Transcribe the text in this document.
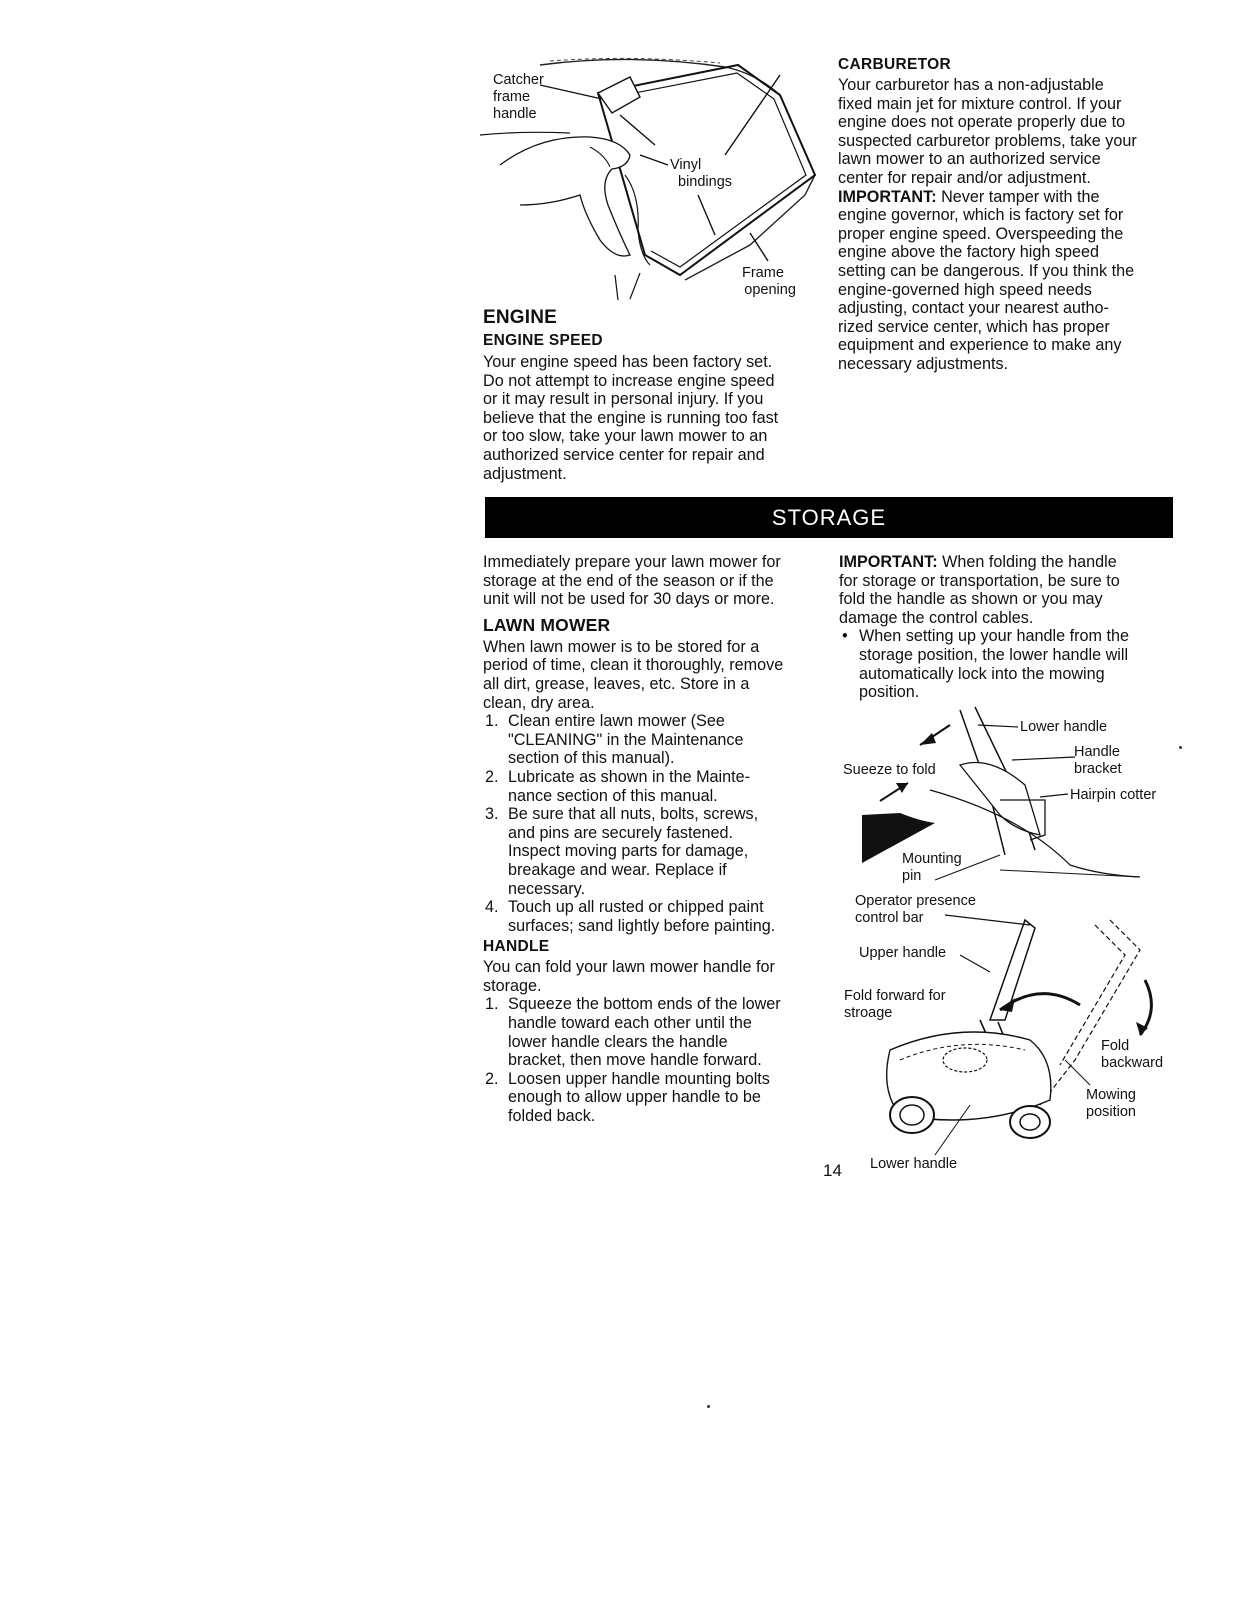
Catcher
frame
handle
Vinyl
bindings
Frame
opening
ENGINE
ENGINE SPEED
Your engine speed has been factory set.
Do not attempt to increase engine speed
or it may result in personal injury. If you
believe that the engine is running too fast
or too slow, take your lawn mower to an
authorized service center for repair and
adjustment.
CARBURETOR
Your carburetor has a non-adjustable
fixed main jet for mixture control. If your
engine does not operate properly due to
suspected carburetor problems, take your
lawn mower to an authorized service
center for repair and/or adjustment.
IMPORTANT: Never tamper with the
engine governor, which is factory set for
proper engine speed. Overspeeding the
engine above the factory high speed
setting can be dangerous. If you think the
engine-governed high speed needs
adjusting, contact your nearest autho-
rized service center, which has proper
equipment and experience to make any
necessary adjustments.
STORAGE
Immediately prepare your lawn mower for
storage at the end of the season or if the
unit will not be used for 30 days or more.
LAWN MOWER
When lawn mower is to be stored for a
period of time, clean it thoroughly, remove
all dirt, grease, leaves, etc. Store in a
clean, dry area.
1. Clean entire lawn mower (See
"CLEANING" in the Maintenance
section of this manual).
2. Lubricate as shown in the Mainte-
nance section of this manual.
3. Be sure that all nuts, bolts, screws,
and pins are securely fastened.
Inspect moving parts for damage,
breakage and wear. Replace if
necessary.
4. Touch up all rusted or chipped paint
surfaces; sand lightly before painting.
HANDLE
You can fold your lawn mower handle for
storage.
1. Squeeze the bottom ends of the lower
handle toward each other until the
lower handle clears the handle
bracket, then move handle forward.
2. Loosen upper handle mounting bolts
enough to allow upper handle to be
folded back.
IMPORTANT: When folding the handle
for storage or transportation, be sure to
fold the handle as shown or you may
damage the control cables.
• When setting up your handle from the
storage position, the lower handle will
automatically lock into the mowing
position.
Lower handle
Handle
bracket
Sueeze to fold
Hairpin cotter
Mounting
pin
Operator presence
control bar
Upper handle
Fold forward for
stroage
Fold
backward
Mowing
position
Lower handle
14
